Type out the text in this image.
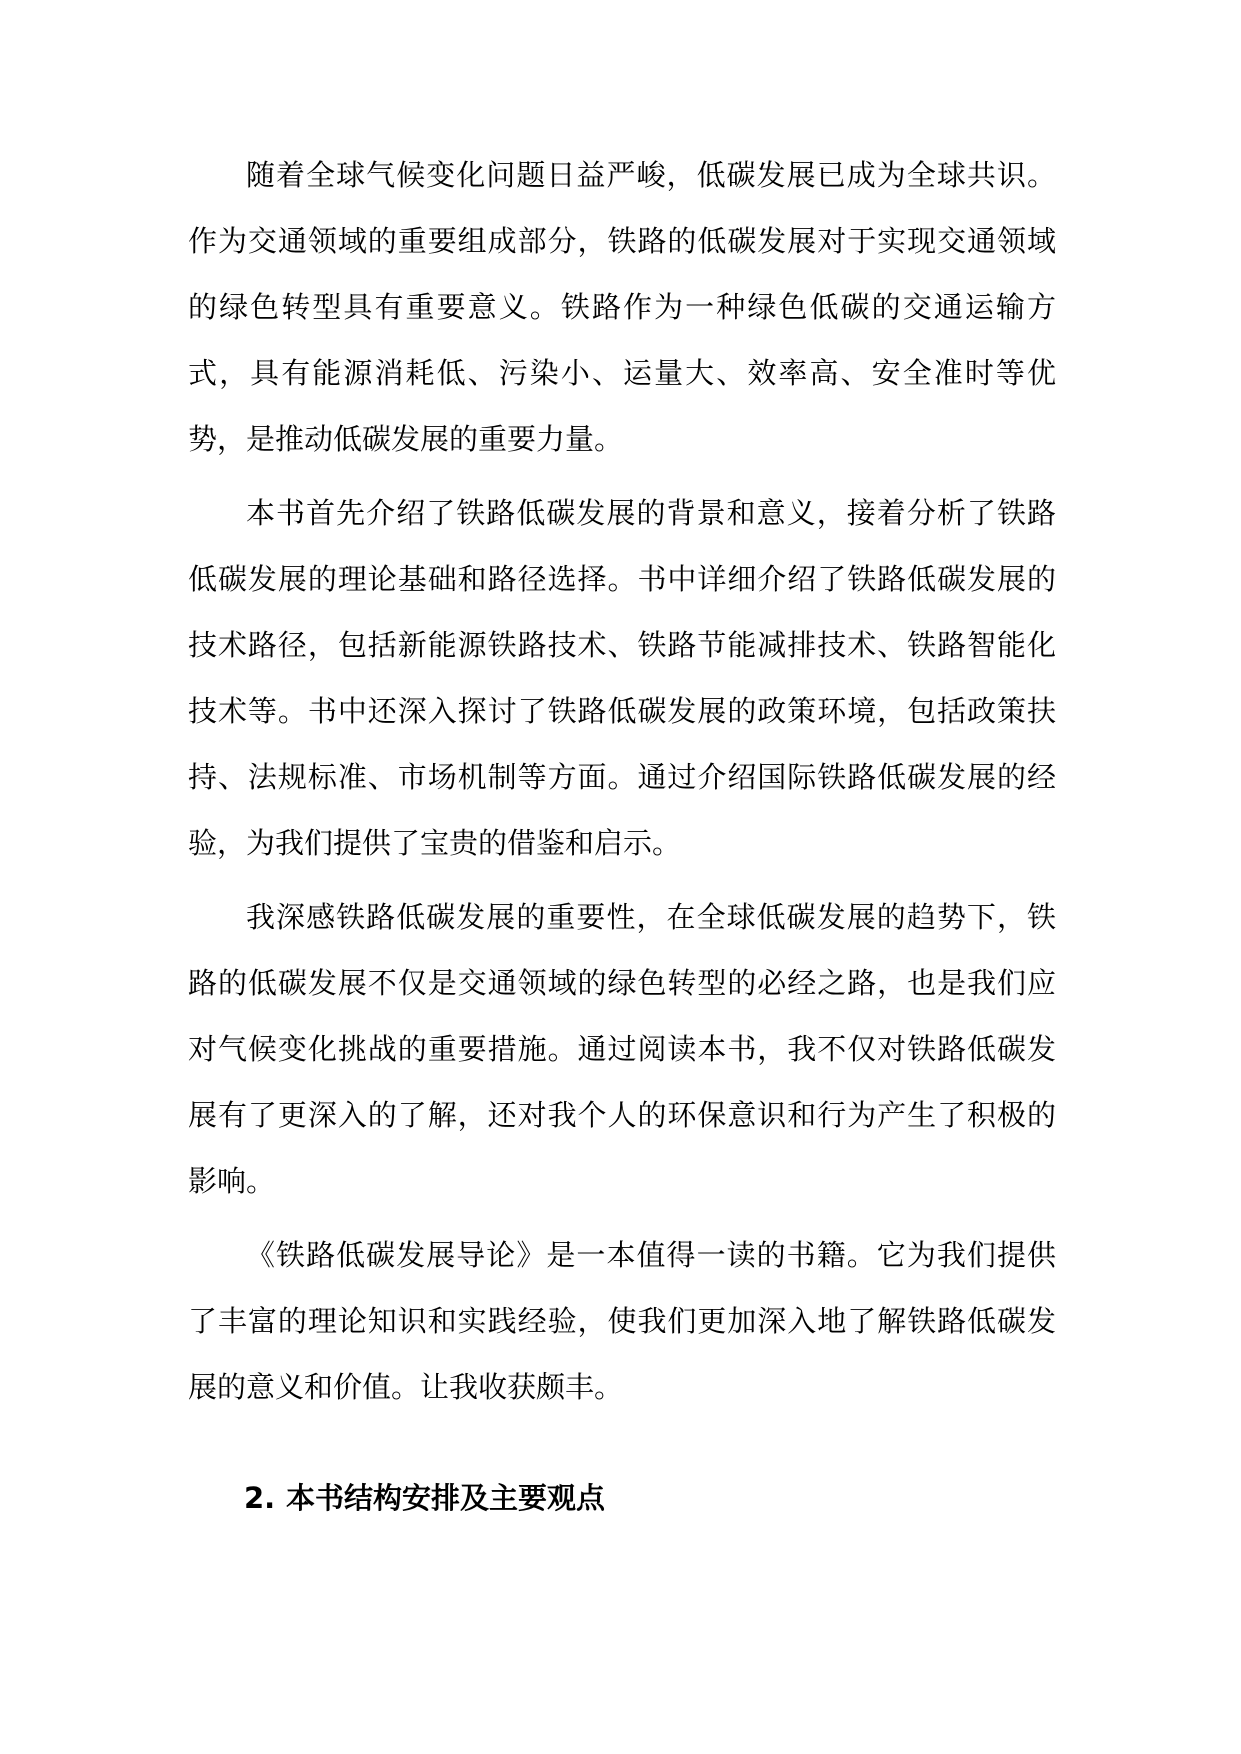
随着全球气候变化问题日益严峻，低碳发展已成为全球共识。作为交通领域的重要组成部分，铁路的低碳发展对于实现交通领域的绿色转型具有重要意义。铁路作为一种绿色低碳的交通运输方式，具有能源消耗低、污染小、运量大、效率高、安全准时等优势，是推动低碳发展的重要力量。

本书首先介绍了铁路低碳发展的背景和意义，接着分析了铁路低碳发展的理论基础和路径选择。书中详细介绍了铁路低碳发展的技术路径，包括新能源铁路技术、铁路节能减排技术、铁路智能化技术等。书中还深入探讨了铁路低碳发展的政策环境，包括政策扶持、法规标准、市场机制等方面。通过介绍国际铁路低碳发展的经验，为我们提供了宝贵的借鉴和启示。

我深感铁路低碳发展的重要性，在全球低碳发展的趋势下，铁路的低碳发展不仅是交通领域的绿色转型的必经之路，也是我们应对气候变化挑战的重要措施。通过阅读本书，我不仅对铁路低碳发展有了更深入的了解，还对我个人的环保意识和行为产生了积极的影响。

《铁路低碳发展导论》是一本值得一读的书籍。它为我们提供了丰富的理论知识和实践经验，使我们更加深入地了解铁路低碳发展的意义和价值。让我收获颇丰。

2. 本书结构安排及主要观点
